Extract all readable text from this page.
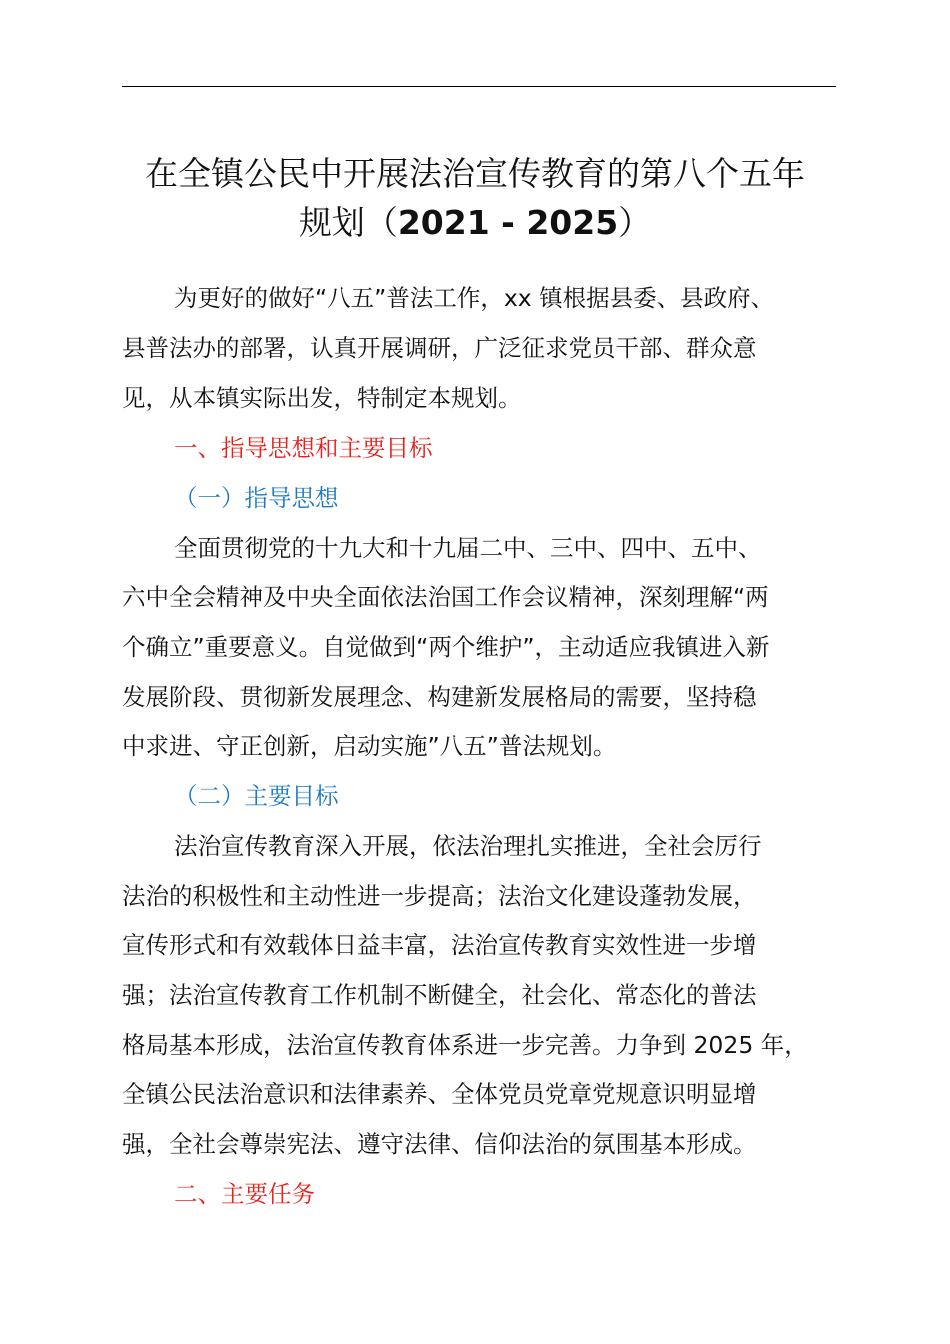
在全镇公民中开展法治宣传教育的第八个五年
规划（2021 - 2025）
为更好的做好“八五”普法工作，xx 镇根据县委、县政府、
县普法办的部署，认真开展调研，广泛征求党员干部、群众意
见，从本镇实际出发，特制定本规划。
一、指导思想和主要目标
（一）指导思想
全面贯彻党的十九大和十九届二中、三中、四中、五中、
六中全会精神及中央全面依法治国工作会议精神，深刻理解“两
个确立”重要意义。自觉做到“两个维护”，主动适应我镇进入新
发展阶段、贯彻新发展理念、构建新发展格局的需要，坚持稳
中求进、守正创新，启动实施”八五”普法规划。
（二）主要目标
法治宣传教育深入开展，依法治理扎实推进，全社会厉行
法治的积极性和主动性进一步提高；法治文化建设蓬勃发展，
宣传形式和有效载体日益丰富，法治宣传教育实效性进一步增
强；法治宣传教育工作机制不断健全，社会化、常态化的普法
格局基本形成，法治宣传教育体系进一步完善。力争到 2025 年，
全镇公民法治意识和法律素养、全体党员党章党规意识明显增
强，全社会尊崇宪法、遵守法律、信仰法治的氛围基本形成。
二、主要任务
